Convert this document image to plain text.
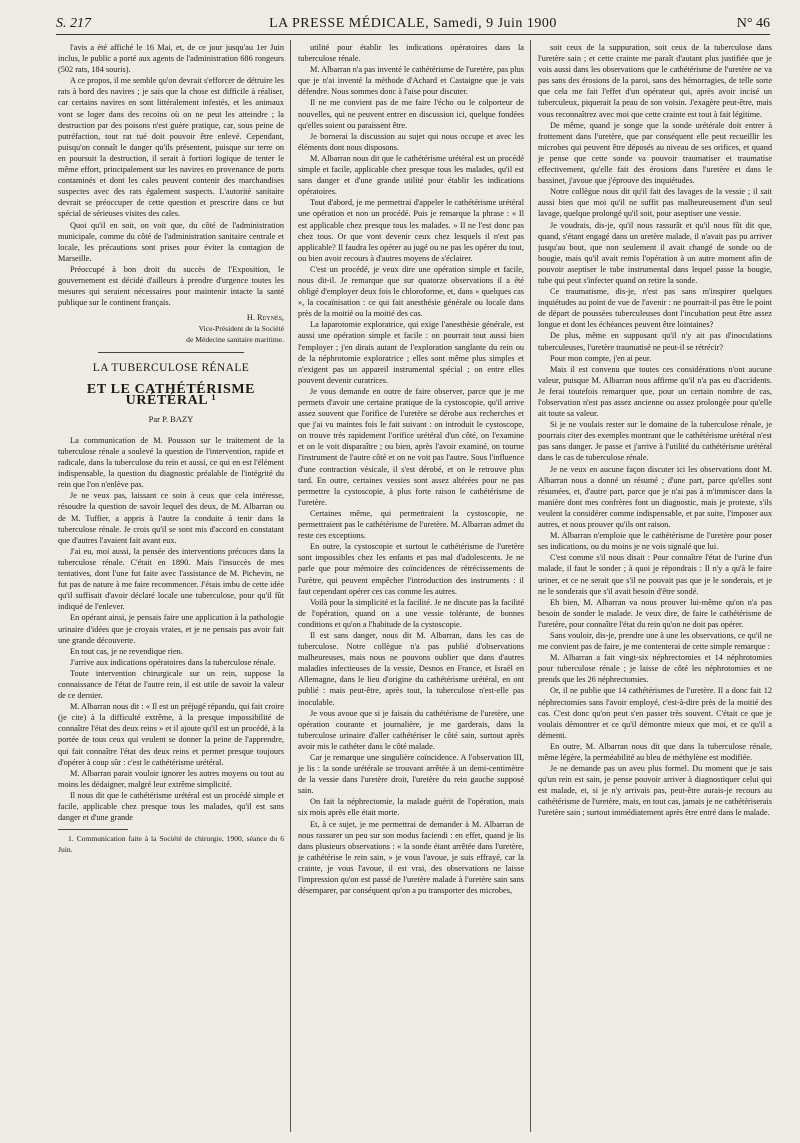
S. 217	LA PRESSE MÉDICALE, Samedi, 9 Juin 1900	N° 46

l'avis a été affiché le 16 Mai, et, de ce jour jusqu'au 1er Juin inclus, le public a porté aux agents de l'administration 686 rongeurs (502 rats, 184 souris).

A ce propos, il me semble qu'on devrait s'efforcer de détruire les rats à bord des navires ; je sais que la chose est difficile à réaliser, car certains navires en sont littéralement infestés, et les animaux vont se loger dans des recoins où on ne peut les atteindre ; la destruction par des poisons n'est guère pratique, car, sous peine de putréfaction, tout rat tué doit pouvoir être enlevé. Cependant, puisqu'on connaît le danger qu'ils présentent, puisque sur terre on en poursuit la destruction, il serait à fortiori logique de tenter le même effort, principalement sur les navires en provenance de ports contaminés et dont les cales peuvent contenir des marchandises suspectes avec des rats également suspects. L'autorité sanitaire devrait se préoccuper de cette question et prescrire dans ce but spécial de sérieuses visites des cales.

Quoi qu'il en soit, on voit que, du côté de l'administration municipale, comme du côté de l'administration sanitaire centrale et locale, les précautions sont prises pour éviter la contagion de Marseille.

Préoccupé à bon droit du succès de l'Exposition, le gouvernement est décidé d'ailleurs à prendre d'urgence toutes les mesures qui seraient nécessaires pour maintenir intacte la santé publique sur le continent français.

H. Reynès,
Vice-Président de la Société
de Médecine sanitaire maritime.
LA TUBERCULOSE RÉNALE
ET LE CATHÉTÉRISME URÉTÉRAL ¹
Par P. BAZY

La communication de M. Pousson sur le traitement de la tuberculose rénale a soulevé la question de l'intervention, rapide et radicale, dans la tuberculose du rein et aussi, ce qui en est l'élément indispensable, la question du diagnostic préalable de l'intégrité du rein que l'on n'enlève pas.

Je ne veux pas, laissant ce soin à ceux que cela intéresse, résoudre la question de savoir lequel des deux, de M. Albarran ou de M. Tuffier, a appris à l'autre la conduite à tenir dans la tuberculose rénale. Je crois qu'il se sont mis d'accord en constatant que d'autres l'avaient fait avant eux.

J'ai eu, moi aussi, la pensée des interventions précoces dans la tuberculose rénale. C'était en 1890. Mais l'insuccès de mes tentatives, dont l'une fut faite avec l'assistance de M. Pichevin, ne fut pas de nature à me faire recommencer. J'étais imbu de cette idée qu'il suffisait d'avoir déclaré locale une tuberculose, pour qu'il fût indiqué de l'enlever.

En opérant ainsi, je pensais faire une application à la pathologie urinaire d'idées que je croyais vraies, et je ne pensais pas avoir fait une grande découverte.

En tout cas, je ne revendique rien.

J'arrive aux indications opératoires dans la tuberculose rénale.

Toute intervention chirurgicale sur un rein, suppose la connaissance de l'état de l'autre rein, il est utile de savoir la valeur de ce dernier.

M. Albarran nous dit : « Il est un préjugé répandu, qui fait croire (je cite) à la difficulté extrême, à la presque impossibilité de connaître l'état des deux reins » et il ajoute qu'il est un procédé, à la portée de tous ceux qui veulent se donner la peine de l'apprendre, qui fait connaître l'état des deux reins et permet presque toujours d'opérer à coup sûr : c'est le cathétérisme urétéral.

M. Albarran parait vouloir ignorer les autres moyens ou tout au moins les dédaigner, malgré leur extrême simplicité.

Il nous dit que le cathétérisme urétéral est un procédé simple et facile, applicable chez presque tous les malades, qu'il est sans danger et d'une grande

1. Communication faite à la Société de chirurgie, 1900, séance du 6 Juin.

utilité pour établir les indications opératoires dans la tuberculose rénale.

M. Albarran n'a pas inventé le cathétérisme de l'uretère, pas plus que je n'ai inventé la méthode d'Achard et Castaigne que je vais défendre. Nous sommes donc à l'aise pour discuter.

Il ne me convient pas de me faire l'écho ou le colporteur de nouvelles, qui ne peuvent entrer en discussion ici, quelque fondées qu'elles soient ou paraissent être.

Je bornerai la discussion au sujet qui nous occupe et avec les éléments dont nous disposons.

M. Albarran nous dit que le cathétérisme urétéral est un procédé simple et facile, applicable chez presque tous les malades, qu'il est sans danger et d'une grande utilité pour établir les indications opératoires.

Tout d'abord, je me permettrai d'appeler le cathétérisme urétéral une opération et non un procédé. Puis je remarque la phrase : « Il est applicable chez presque tous les malades. » Il ne l'est donc pas chez tous. Or que vont devenir ceux chez lesquels il n'est pas applicable? Il faudra les opérer au jugé ou ne pas les opérer du tout, ou bien avoir recours à d'autres moyens de s'éclairer.

C'est un procédé, je veux dire une opération simple et facile, nous dit-il. Je remarque que sur quatorze observations il a été obligé d'employer deux fois le chloroforme, et, dans « quelques cas », la cocaïnisation : ce qui fait anesthésie générale ou locale dans près de la moitié ou la moitié des cas.

La laparotomie exploratrice, qui exige l'anesthésie générale, est aussi une opération simple et facile : on pourrait tout aussi bien l'employer ; j'en dirais autant de l'exploration sanglante du rein ou de la néphrotomie exploratrice ; elles sont même plus simples et n'exigent pas un appareil instrumental spécial ; on entre elles pouvent devenir curatrices.

Je vous demande en outre de faire observer, parce que je me permets d'avoir une certaine pratique de la cystoscopie, qu'il arrive assez souvent que l'orifice de l'uretère se dérobe aux recherches et que j'ai vu maintes fois le fait suivant : on introduit le cystoscope, on trouve très rapidement l'orifice urétéral d'un côté, on l'examine et on le voit disparaître ; ou bien, après l'avoir examiné, on tourne l'instrument de l'autre côté et on ne voit pas l'autre. Sous l'influence d'une contraction vésicale, il s'est dérobé, et on le retrouve plus tard. En outre, certaines vessies sont assez altérées pour ne pas permettre la cystoscopie, à plus forte raison le cathétérisme de l'uretère.

Certaines même, qui permettraient la cystoscopie, ne permettraient pas le cathétérisme de l'uretère. M. Albarran admet du reste ces exceptions.

En outre, la cystoscopie et surtout le cathétérisme de l'uretère sont impossibles chez les enfants et pas mal d'adolescents. Je ne parle que pour mémoire des coïncidences de rétrécissements de l'urètre, qui peuvent empêcher l'introduction des instruments : il faut cependant opérer ces cas comme les autres.

Voilà pour la simplicité et la facilité. Je ne discute pas la facilité de l'opération, quand on a une vessie tolérante, de bonnes conditions et qu'on a l'habitude de la cystoscopie.

Il est sans danger, nous dit M. Albarran, dans les cas de tuberculose. Notre collègue n'a pas publié d'observations malheureuses, mais nous ne pouvons oublier que dans d'autres maladies infectieuses de la vessie, Desnos en France, et Israël en Allemagne, dans le lieu d'origine du cathétérisme urétéral, en ont publié : mais peut-être, après tout, la tuberculose n'est-elle pas inoculable.

Je vous avoue que si je faisais du cathétérisme de l'uretère, une opération courante et journalière, je me garderais, dans la tuberculose urinaire d'aller cathétériser le côté sain, surtout après avoir mis le cathéter dans le côté malade.

Car je remarque une singulière coïncidence. A l'observation III, je lis : la sonde urétérale se trouvant arrêtée à un demi-centimètre de la vessie dans l'uretère droit, l'uretère du rein gauche supposé sain.

On fait la néphrectomie, la malade guérit de l'opération, mais six mois après elle était morte.

Et, à ce sujet, je me permettrai de demander à M. Albarran de nous rassurer un peu sur son modus faciendi : en effet, quand je lis dans plusieurs observations : « la sonde étant arrêtée dans l'uretère, je cathétérise le rein sain, » je vous l'avoue, je suis effrayé, car la crainte, je vous l'avoue, il est vrai, des observations ne laisse l'impression qu'on est passé de l'uretère malade à l'uretère sain sans désemparer, par conséquent qu'on a pu transporter des microbes,

soit ceux de la suppuration, soit ceux de la tuberculose dans l'uretère sain ; et cette crainte me paraît d'autant plus justifiée que je vois aussi dans les observations que le cathétérisme de l'uretère ne va pas sans des érosions de la paroi, sans des hémorragies, de telle sorte que cela me fait l'effet d'un opérateur qui, après avoir incisé un tuberculeux, piquerait la peau de son voisin. J'exagère peut-être, mais vous reconnaîtrez avec moi que cette crainte est tout à fait légitime.

De même, quand je songe que la sonde urétérale doit entrer à frottement dans l'uretère, que par conséquent elle peut recueillir les microbes qui peuvent être déposés au niveau de ses orifices, et quand je pense que cette sonde va pouvoir traumatiser et traumatise effectivement, qu'elle fait des érosions dans l'uretère et dans le bassinet, j'avoue que j'éprouve des inquiétudes.

Notre collègue nous dit qu'il fait des lavages de la vessie ; il sait aussi bien que moi qu'il ne suffit pas malheureusement d'un seul lavage, quelque prolongé qu'il soit, pour aseptiser une vessie.

Je voudrais, dis-je, qu'il nous rassurât et qu'il nous fût dit que, quand, s'étant engagé dans un uretère malade, il n'avait pas pu arriver jusqu'au bout, que non seulement il avait changé de sonde ou de bougie, mais qu'il avait remis l'opération à un autre moment afin de pouvoir aseptiser le tube instrumental dans lequel passe la bougie, tube qui peut s'infecter quand on retire la sonde.

Ce traumatisme, dis-je, n'est pas sans m'inspirer quelques inquiétudes au point de vue de l'avenir : ne pourrait-il pas être le point de départ de poussées tuberculeuses dont l'incubation peut être assez longue et dont les échéances peuvent être lointaines?

De plus, même en supposant qu'il n'y ait pas d'inoculations tuberculeuses, l'uretère traumatisé ne peut-il se rétrécir?

Pour mon compte, j'en ai peur.

Mais il est convenu que toutes ces considérations n'ont aucune valeur, puisque M. Albarran nous affirme qu'il n'a pas eu d'accidents. Je ferai toutefois remarquer que, pour un certain nombre de cas, l'observation n'est pas assez ancienne ou assez prolongée pour qu'elle ait toute sa valeur.

Si je ne voulais rester sur le domaine de la tuberculose rénale, je pourrais citer des exemples montrant que le cathétérisme urétéral n'est pas sans danger. Je passe et j'arrive à l'utilité du cathétérisme urétéral dans le cas de tuberculose rénale.

Je ne veux en aucune façon discuter ici les observations dont M. Albarran nous a donné un résumé ; d'une part, parce qu'elles sont résumées, et, d'autre part, parce que je n'ai pas à m'immiscer dans la manière dont mes confrères font un diagnostic, mais je proteste, s'ils veulent la considérer comme indispensable, et par suite, l'imposer aux autres, et nous prouver qu'ils ont raison.

M. Albarran n'emploie que le cathétérisme de l'uretère pour poser ses indications, ou du moins je ne vois signalé que lui.

C'est comme s'il nous disait : Pour connaître l'état de l'urine d'un malade, il faut le sonder ; à quoi je répondrais : Il n'y a qu'à le faire uriner, et ce ne serait que s'il ne pouvait pas que je le sonderais, et je ne le sonderais que s'il avait besoin d'être sondé.

Eh bien, M. Albarran va nous prouver lui-même qu'on n'a pas besoin de sonder le malade. Je veux dire, de faire le cathétérisme de l'uretère, pour connaître l'état du rein qu'on ne doit pas opérer.

Sans vouloir, dis-je, prendre une à une les observations, ce qu'il ne me convient pas de faire, je me contenterai de cette simple remarque :

M. Albarran a fait vingt-six néphrectomies et 14 néphrotomies pour tuberculose rénale ; je laisse de côté les néphrotomies et ne prends que les 26 néphrectomies.

Or, il ne publie que 14 cathétérismes de l'uretère. Il a donc fait 12 néphrectomies sans l'avoir employé, c'est-à-dire près de la moitié des cas. C'est donc qu'on peut s'en passer très souvent. C'était ce que je voulais démontrer et ce qu'il démontre mieux que moi, et ce qu'il a démenti.

En outre, M. Albarran nous dit que dans la tuberculose rénale, même légère, la perméabilité au bleu de méthylène est modifiée.

Je ne demande pas un aveu plus formel. Du moment que je sais qu'un rein est sain, je pense pouvoir arriver à diagnostiquer celui qui est malade, et, si je n'y arrivais pas, peut-être aurais-je recours au cathétérisme de l'uretère, mais, en tout cas, jamais je ne cathétériserais l'uretère sain ; surtout immédiatement après être entré dans le malade.
